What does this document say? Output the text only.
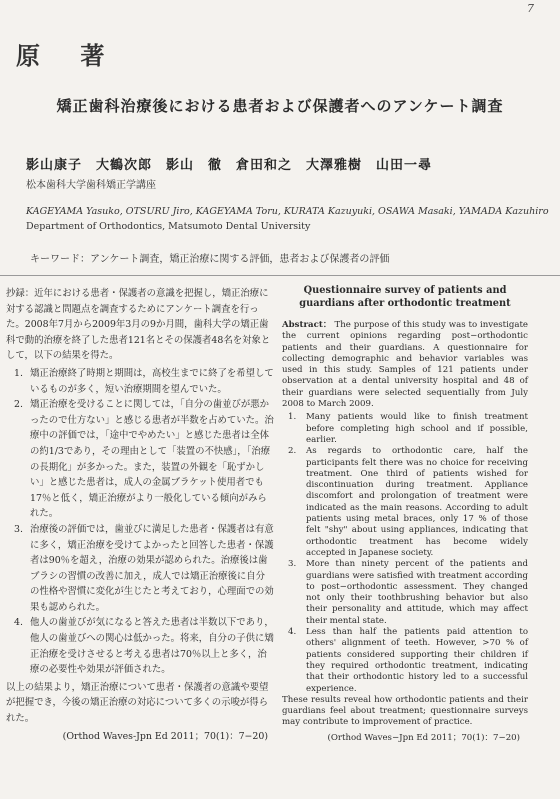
7
原 著
矯正歯科治療後における患者および保護者へのアンケート調査
影山康子　大鶴次郎　影山　徹　倉田和之　大澤雅樹　山田一尋
松本歯科大学歯科矯正学講座
KAGEYAMA Yasuko, OTSURU Jiro, KAGEYAMA Toru, KURATA Kazuyuki, OSAWA Masaki, YAMADA Kazuhiro
Department of Orthodontics, Matsumoto Dental University
キーワード：アンケート調査，矯正治療に関する評価，患者および保護者の評価

抄録：近年における患者・保護者の意識を把握し，矯正治療に対する認識と問題点を調査するためにアンケート調査を行った。2008年7月から2009年3月の9か月間，歯科大学の矯正歯科で動的治療を終了した患者121名とその保護者48名を対象として，以下の結果を得た。

1. 矯正治療終了時期と期間は，高校生までに終了を希望しているものが多く，短い治療期間を望んでいた。
2. 矯正治療を受けることに関しては，「自分の歯並びが悪かったので仕方ない」と感じる患者が半数を占めていた。治療中の評価では，「途中でやめたい」と感じた患者は全体の約1/3であり，その理由として「装置の不快感」，「治療の長期化」が多かった。また，装置の外観を「恥ずかしい」と感じた患者は，成人の金属ブラケット使用者でも17％と低く，矯正治療がより一般化している傾向がみられた。
3. 治療後の評価では，歯並びに満足した患者・保護者は有意に多く，矯正治療を受けてよかったと回答した患者・保護者は90％を超え，治療の効果が認められた。治療後は歯ブラシの習慣の改善に加え，成人では矯正治療後に自分の性格や習慣に変化が生じたと考えており，心理面での効果も認められた。
4. 他人の歯並びが気になると答えた患者は半数以下であり，他人の歯並びへの関心は低かった。将来，自分の子供に矯正治療を受けさせると考える患者は70％以上と多く，治療の必要性や効果が評価された。

以上の結果より，矯正治療について患者・保護者の意識や要望が把握でき，今後の矯正治療の対応について多くの示唆が得られた。

(Orthod Waves-Jpn Ed 2011；70(1)：7−20)

Questionnaire survey of patients and guardians after orthodontic treatment

Abstract： The purpose of this study was to investigate the current opinions regarding post−orthodontic patients and their guardians. A questionnaire for collecting demographic and behavior variables was used in this study. Samples of 121 patients under observation at a dental university hospital and 48 of their guardians were selected sequentially from July 2008 to March 2009.

1.	Many patients would like to finish treatment before completing high school and if possible, earlier.
2.	As regards to orthodontic care, half the participants felt there was no choice for receiving treatment. One third of patients wished for discontinuation during treatment. Appliance discomfort and prolongation of treatment were indicated as the main reasons. According to adult patients using metal braces, only 17 % of those felt "shy" about using appliances, indicating that orthodontic treatment has become widely accepted in Japanese society.
3.	More than ninety percent of the patients and guardians were satisfied with treatment according to post−orthodontic assessment. They changed not only their toothbrushing behavior but also their personality and attitude, which may affect their mental state.
4.	Less than half the patients paid attention to others' alignment of teeth. However, >70 % of patients considered supporting their children if they required orthodontic treatment, indicating that their orthodontic history led to a successful experience.

These results reveal how orthodontic patients and their guardians feel about treatment; questionnaire surveys may contribute to improvement of practice.

(Orthod Waves−Jpn Ed 2011；70(1)：7−20)
